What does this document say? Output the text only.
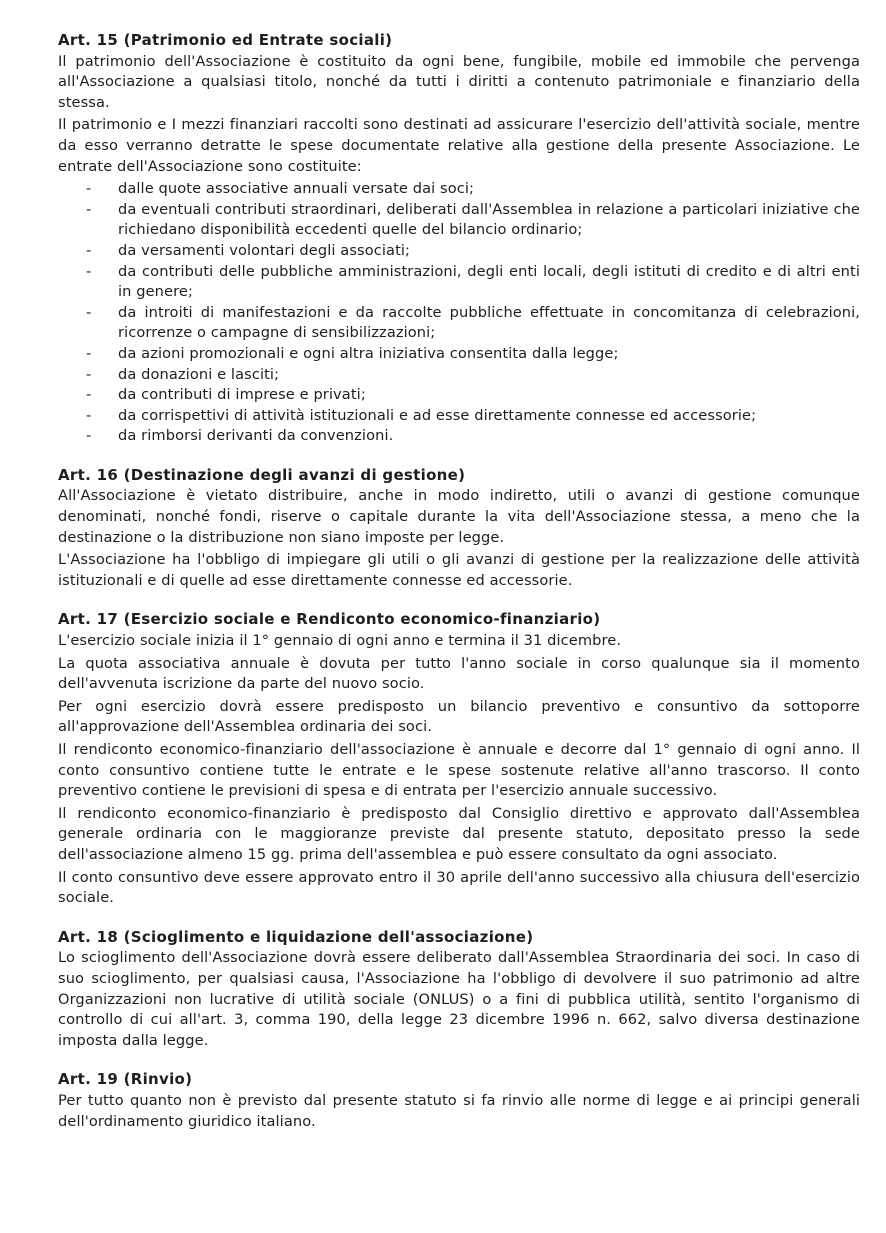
Art. 15 (Patrimonio ed Entrate sociali)

Il patrimonio dell'Associazione è costituito da ogni bene, fungibile, mobile ed immobile che pervenga all'Associazione a qualsiasi titolo, nonché da tutti i diritti a contenuto patrimoniale e finanziario della stessa.

Il patrimonio e I mezzi finanziari raccolti sono destinati ad assicurare l'esercizio dell'attività sociale, mentre da esso verranno detratte le spese documentate relative alla gestione della presente Associazione. Le entrate dell'Associazione sono costituite:

- dalle quote associative annuali versate dai soci;
- da eventuali contributi straordinari, deliberati dall'Assemblea in relazione a particolari iniziative che richiedano disponibilità eccedenti quelle del bilancio ordinario;
- da versamenti volontari degli associati;
- da contributi delle pubbliche amministrazioni, degli enti locali, degli istituti di credito e di altri enti in genere;
- da introiti di manifestazioni e da raccolte pubbliche effettuate in concomitanza di celebrazioni, ricorrenze o campagne di sensibilizzazioni;
- da azioni promozionali e ogni altra iniziativa consentita dalla legge;
- da donazioni e lasciti;
- da contributi di imprese e privati;
- da corrispettivi di attività istituzionali e ad esse direttamente connesse ed accessorie;
- da rimborsi derivanti da convenzioni.
Art. 16 (Destinazione degli avanzi di gestione)

All'Associazione è vietato distribuire, anche in modo indiretto, utili o avanzi di gestione comunque denominati, nonché fondi, riserve o capitale durante la vita dell'Associazione stessa, a meno che la destinazione o la distribuzione non siano imposte per legge.

L'Associazione ha l'obbligo di impiegare gli utili o gli avanzi di gestione per la realizzazione delle attività istituzionali e di quelle ad esse direttamente connesse ed accessorie.

Art. 17 (Esercizio sociale e Rendiconto economico-finanziario)

L'esercizio sociale inizia il 1° gennaio di ogni anno e termina il 31 dicembre.

La quota associativa annuale è dovuta per tutto l'anno sociale in corso qualunque sia il momento dell'avvenuta iscrizione da parte del nuovo socio.

Per ogni esercizio dovrà essere predisposto un bilancio preventivo e consuntivo da sottoporre all'approvazione dell'Assemblea ordinaria dei soci.

Il rendiconto economico-finanziario dell'associazione è annuale e decorre dal 1° gennaio di ogni anno. Il conto consuntivo contiene tutte le entrate e le spese sostenute relative all'anno trascorso. Il conto preventivo contiene le previsioni di spesa e di entrata per l'esercizio annuale successivo.

Il rendiconto economico-finanziario è predisposto dal Consiglio direttivo e approvato dall'Assemblea generale ordinaria con le maggioranze previste dal presente statuto, depositato presso la sede dell'associazione almeno 15 gg. prima dell'assemblea e può essere consultato da ogni associato.

Il conto consuntivo deve essere approvato entro il 30 aprile dell'anno successivo alla chiusura dell'esercizio sociale.

Art. 18 (Scioglimento e liquidazione dell'associazione)

Lo scioglimento dell'Associazione dovrà essere deliberato dall'Assemblea Straordinaria dei soci. In caso di suo scioglimento, per qualsiasi causa, l'Associazione ha l'obbligo di devolvere il suo patrimonio ad altre Organizzazioni non lucrative di utilità sociale (ONLUS) o a fini di pubblica utilità, sentito l'organismo di controllo di cui all'art. 3, comma 190, della legge 23 dicembre 1996 n. 662, salvo diversa destinazione imposta dalla legge.

Art. 19 (Rinvio)

Per tutto quanto non è previsto dal presente statuto si fa rinvio alle norme di legge e ai principi generali dell'ordinamento giuridico italiano.
